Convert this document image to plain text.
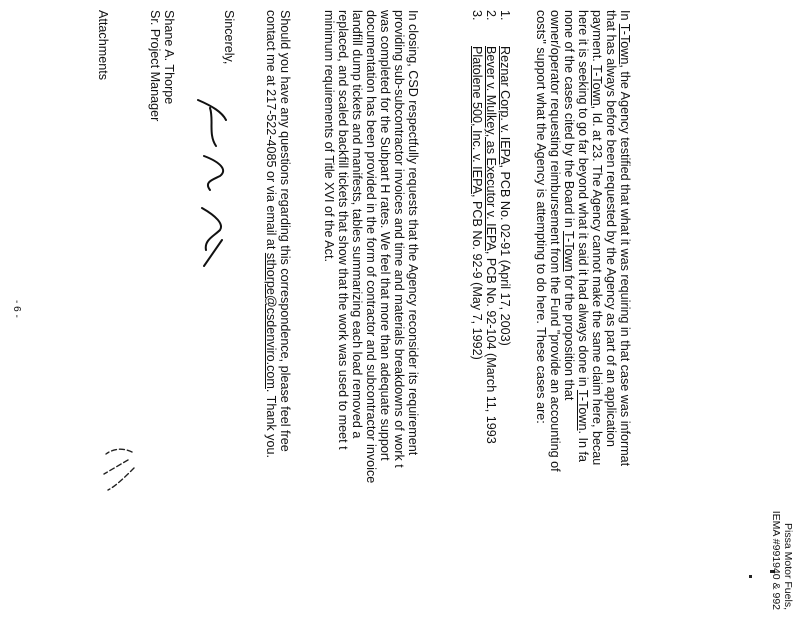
Pissa Motor Fuels,
IEMA #991940 & 992
In T-Town, the Agency testified that what it was requiring in that case was informat
that has always before been requested by the Agency as part of an application
payment. T-Town, Id. at 23. The Agency cannot make the same claim here, becau
here it is seeking to go far beyond what it said it had always done in T-Town. In fa
none of the cases cited by the Board in T-Town for the proposition that
owner/operator requesting reimbursement from the Fund "provide an accounting of
costs" support what the Agency is attempting to do here. These cases are:
1.
Reznar Corp. v. IEPA, PCB No. 02-91 (April 17, 2003)
2.
Bever v. Mulkey, as Executor v. IEPA, PCB No. 92-104 (March 11, 1993
3.
Platolene 500, Inc. v. IEPA, PCB No. 92-9 (May 7, 1992)
In closing, CSD respectfully requests that the Agency reconsider its requirement
providing sub-subcontractor invoices and time and materials breakdowns of work t
was completed for the Subpart H rates. We feel that more than adequate support
documentation has been provided in the form of contractor and subcontractor invoice
landfill dump tickets and manifests, tables summarizing each load removed a
replaced, and scaled backfill tickets that show that the work was used to meet t
minimum requirements of Title XVI of the Act.
Should you have any questions regarding this correspondence, please feel free
contact me at 217-522-4085 or via email at sthorpe@csdenviro.com. Thank you.
Sincerely,
Shane A. Thorpe
Sr. Project Manager
Attachments
- 6 -
